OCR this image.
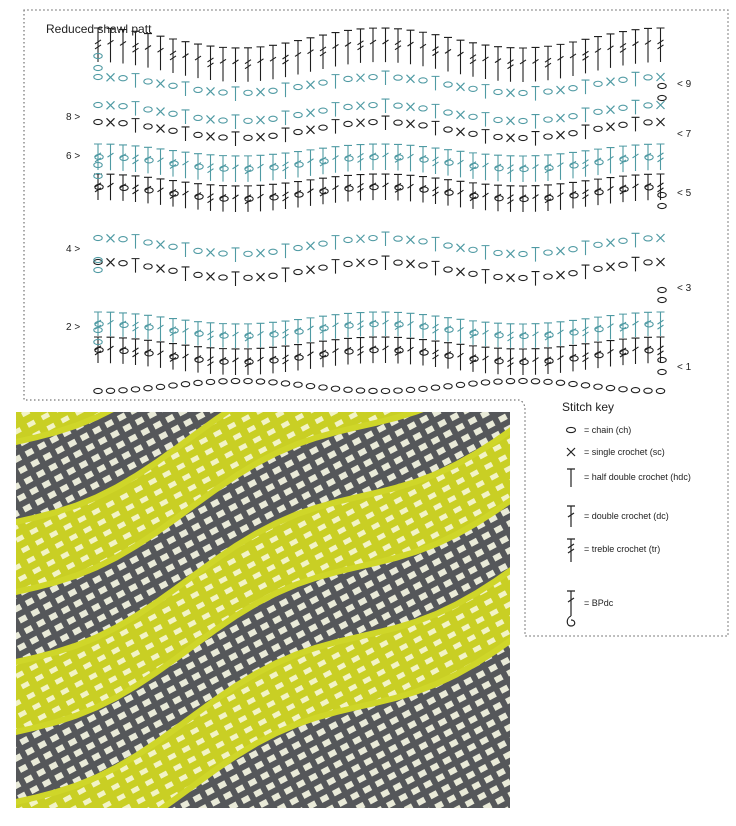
Reduced shawl patt
8 >
6 >
4 >
2 >
< 9
< 7
< 5
< 3
< 1
Stitch key
= chain (ch)
= single crochet (sc)
= half double crochet (hdc)
= double crochet (dc)
= treble crochet (tr)
= BPdc
